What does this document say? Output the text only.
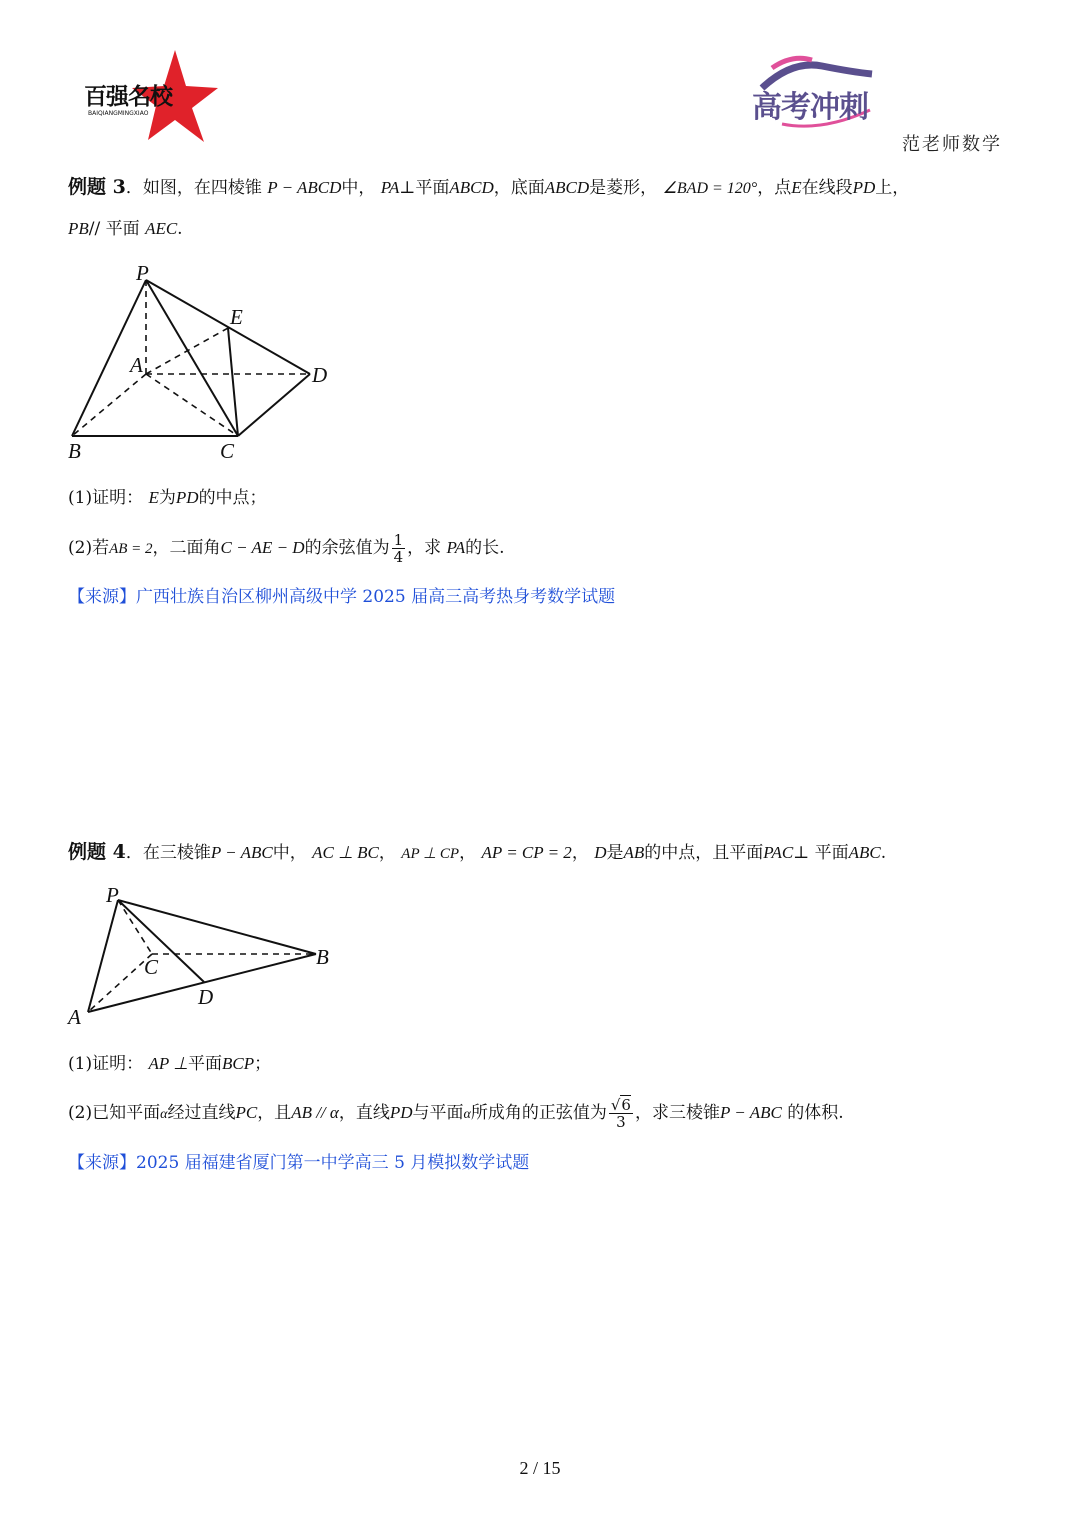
百强名校
BAIQIANGMINGXIAO	高考冲刺
范老师数学
例题 3．如图，在四棱锥 P − ABCD中， PA⊥平面ABCD，底面ABCD是菱形， ∠BAD = 120°，点E在线段PD上，
PB// 平面 AEC.
P
E
A	D
B	C
(1)证明： E为PD的中点；
(2)若AB = 2，二面角C − AE − D的余弦值为 $\frac{1}{4}$ ，求 PA的长.
【来源】广西壮族自治区柳州高级中学 2025 届高三高考热身考数学试题
例题 4．在三棱锥P − ABC中， AC ⊥ BC， AP ⊥ CP， AP = CP = 2， D是AB的中点，且平面PAC⊥ 平面ABC.
P
C	B
D
A
(1)证明： AP ⊥平面BCP；
(2)已知平面α经过直线PC，且AB // α，直线PD与平面α所成角的正弦值为 $\frac{√6}{3}$ ，求三棱锥P − ABC 的体积.
【来源】2025 届福建省厦门第一中学高三 5 月模拟数学试题
2 / 15
